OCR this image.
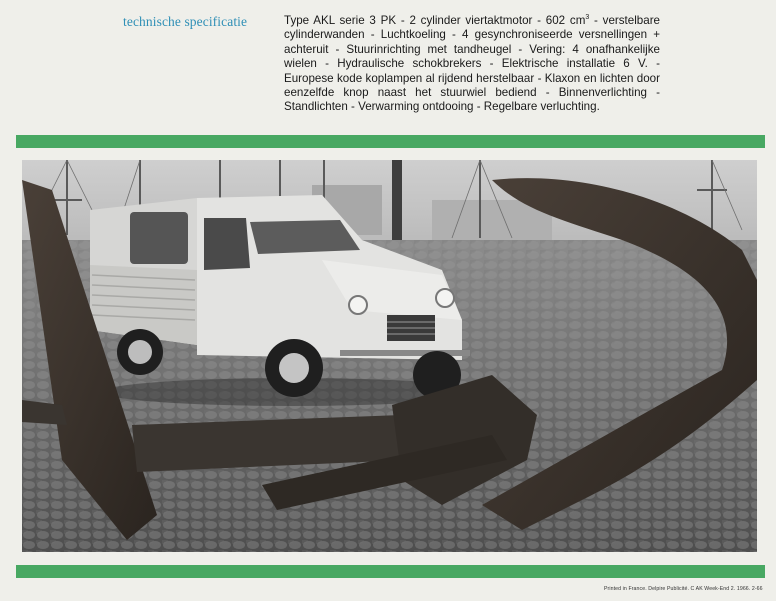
technische specificatie	Type AKL serie 3 PK - 2 cylinder viertaktmotor - 602 $cm^3$ - verstelbare cylinderwanden - Luchtkoeling - 4 gesynchroniseerde versnellingen + achteruit - Stuurinrichting met tandheugel - Vering: 4 onafhankelijke wielen - Hydraulische schokbrekers - Elektrische installatie 6 V. - Europese kode koplampen al rijdend herstelbaar - Klaxon en lichten door eenzelfde knop naast het stuurwiel bediend - Binnenverlichting - Standlichten - Verwarming ontdooing - Regelbare verluchting.
Printed in France. Delpire Publicité. C AK Week-End 2. 1966. 2-66
